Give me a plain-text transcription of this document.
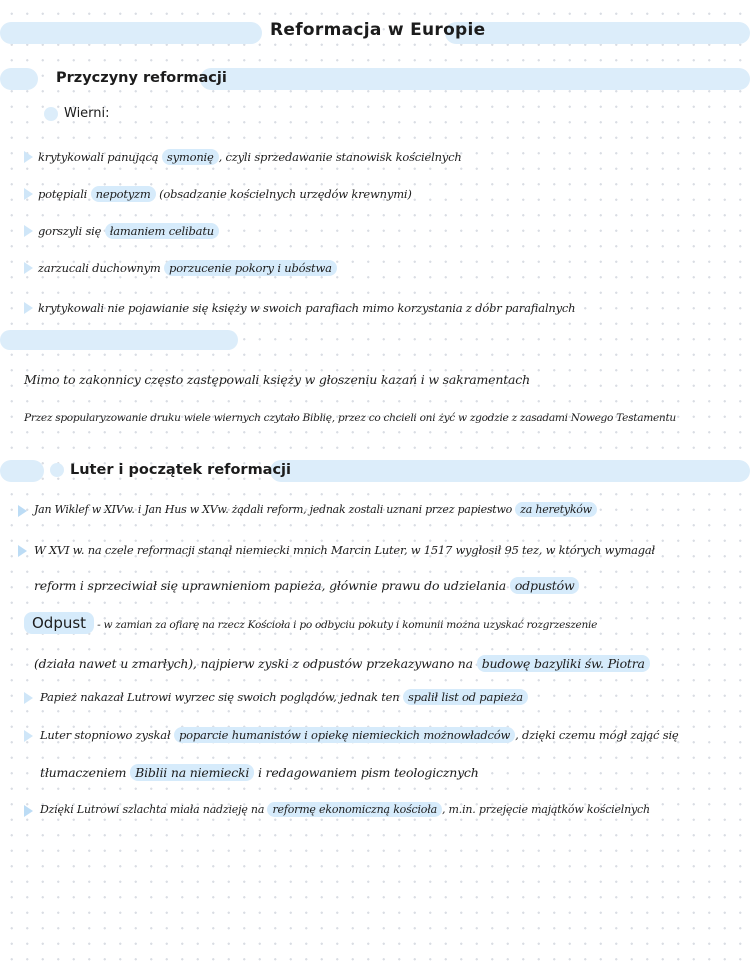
Reformacja w Europie
Przyczyny reformacji
Wierni:
krytykowali panującą symonię , czyli sprzedawanie stanowisk kościelnych
potępiali nepotyzm (obsadzanie kościelnych urzędów krewnymi)
gorszyli się łamaniem celibatu
zarzucali duchownym porzucenie pokory i ubóstwa
krytykowali nie pojawianie się księży w swoich parafiach mimo korzystania z dóbr parafialnych
Mimo to zakonnicy często zastępowali księży w głoszeniu kazań i w sakramentach
Przez spopularyzowanie druku wiele wiernych czytało Biblię, przez co chcieli oni żyć w zgodzie z zasadami Nowego Testamentu
Luter i początek reformacji
Jan Wiklef w XIVw. i Jan Hus w XVw. żądali reform, jednak zostali uznani przez papiestwo za heretyków
W XVI w. na czele reformacji stanął niemiecki mnich Marcin Luter, w 1517 wygłosił 95 tez, w których wymagał
reform i sprzeciwiał się uprawnieniom papieża, głównie prawu do udzielania odpustów
Odpust - w zamian za ofiarę na rzecz Kościoła i po odbyciu pokuty i komunii można uzyskać rozgrzeszenie
(działa nawet u zmarłych), najpierw zyski z odpustów przekazywano na budowę bazyliki św. Piotra
Papież nakazał Lutrowi wyrzec się swoich poglądów, jednak ten spalił list od papieża
Luter stopniowo zyskał poparcie humanistów i opiekę niemieckich możnowładców , dzięki czemu mógł zająć się
tłumaczeniem Biblii na niemiecki i redagowaniem pism teologicznych
Dzięki Lutrowi szlachta miała nadzieję na reformę ekonomiczną kościoła , m.in. przejęcie majątków kościelnych
